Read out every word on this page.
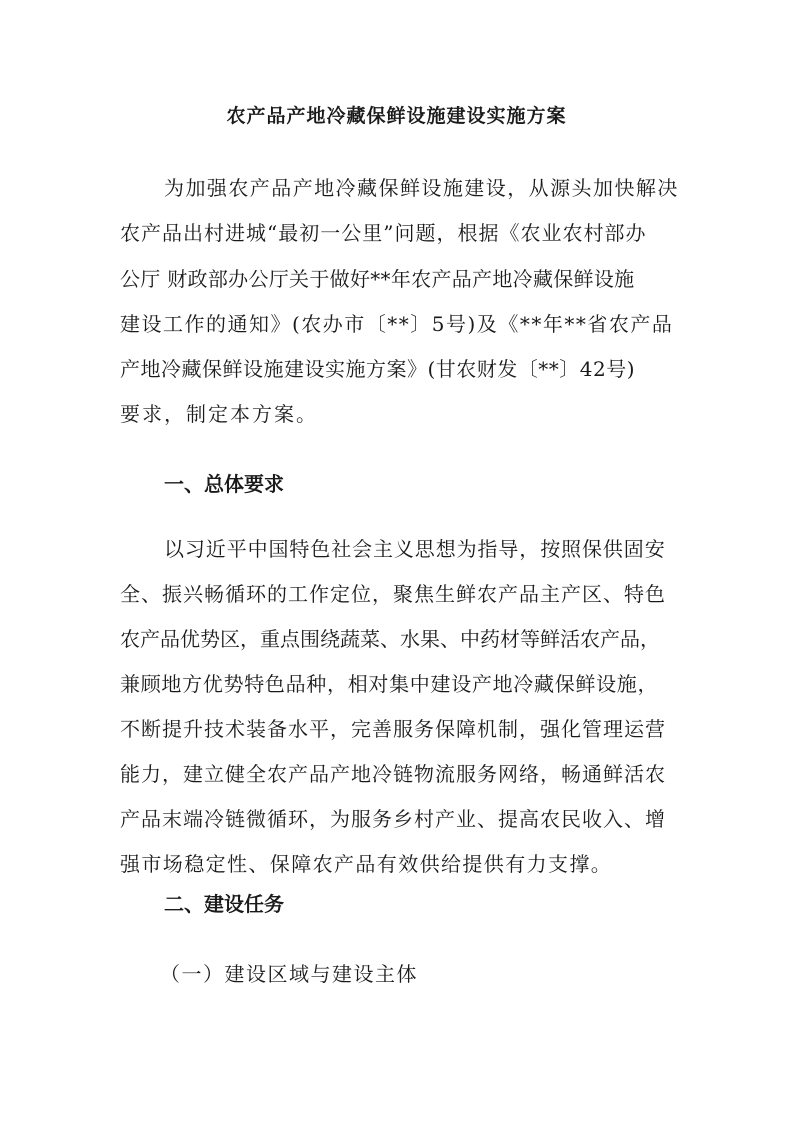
农产品产地冷藏保鲜设施建设实施方案
为加强农产品产地冷藏保鲜设施建设，从源头加快解决
农产品出村进城“最初一公里”问题，根据《农业农村部办
公厅 财政部办公厅关于做好**年农产品产地冷藏保鲜设施
建设工作的通知》(农办市〔**〕5号)及《**年**省农产品
产地冷藏保鲜设施建设实施方案》(甘农财发〔**〕42号)
要求，制定本方案。
一、总体要求
以习近平中国特色社会主义思想为指导，按照保供固安
全、振兴畅循环的工作定位，聚焦生鲜农产品主产区、特色
农产品优势区，重点围绕蔬菜、水果、中药材等鲜活农产品，
兼顾地方优势特色品种，相对集中建设产地冷藏保鲜设施，
不断提升技术装备水平，完善服务保障机制，强化管理运营
能力，建立健全农产品产地冷链物流服务网络，畅通鲜活农
产品末端冷链微循环，为服务乡村产业、提高农民收入、增
强市场稳定性、保障农产品有效供给提供有力支撑。
二、建设任务
（一）建设区域与建设主体
